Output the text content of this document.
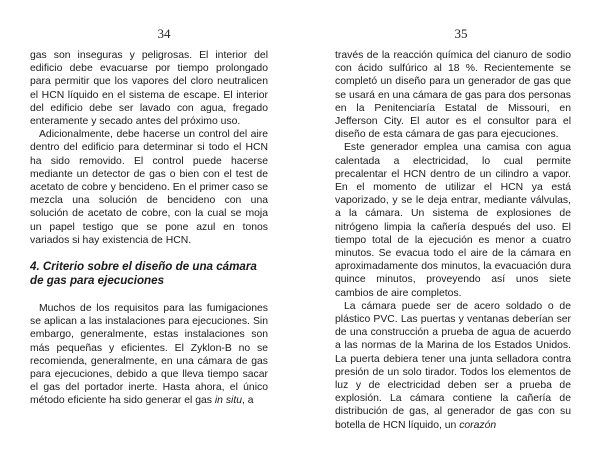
34

gas son inseguras y peligrosas. El interior del edificio debe evacuarse por tiempo prolongado para permitir que los vapores del cloro neutralicen el HCN líquido en el sistema de escape. El interior del edificio debe ser lavado con agua, fregado enteramente y secado antes del próximo uso.

Adicionalmente, debe hacerse un control del aire dentro del edificio para determinar si todo el HCN ha sido removido. El control puede hacerse mediante un detector de gas o bien con el test de acetato de cobre y bencideno. En el primer caso se mezcla una solución de bencideno con una solución de acetato de cobre, con la cual se moja un papel testigo que se pone azul en tonos variados si hay existencia de HCN.

4. Criterio sobre el diseño de una cámara de gas para ejecuciones

Muchos de los requisitos para las fumigaciones se aplican a las instalaciones para ejecuciones. Sin embargo, generalmente, estas instalaciones son más pequeñas y eficientes. El Zyklon-B no se recomienda, generalmente, en una cámara de gas para ejecuciones, debido a que lleva tiempo sacar el gas del portador inerte. Hasta ahora, el único método eficiente ha sido generar el gas in situ, a

35

través de la reacción química del cianuro de sodio con ácido sulfúrico al 18 %. Recientemente se completó un diseño para un generador de gas que se usará en una cámara de gas para dos personas en la Penitenciaría Estatal de Missouri, en Jefferson City. El autor es el consultor para el diseño de esta cámara de gas para ejecuciones.

Este generador emplea una camisa con agua calentada a electricidad, lo cual permite precalentar el HCN dentro de un cilindro a vapor. En el momento de utilizar el HCN ya está vaporizado, y se le deja entrar, mediante válvulas, a la cámara. Un sistema de explosiones de nitrógeno limpia la cañería después del uso. El tiempo total de la ejecución es menor a cuatro minutos. Se evacua todo el aire de la cámara en aproximadamente dos minutos, la evacuación dura quince minutos, proveyendo así unos siete cambios de aire completos.

La cámara puede ser de acero soldado o de plástico PVC. Las puertas y ventanas deberían ser de una construcción a prueba de agua de acuerdo a las normas de la Marina de los Estados Unidos. La puerta debiera tener una junta selladora contra presión de un solo tirador. Todos los elementos de luz y de electricidad deben ser a prueba de explosión. La cámara contiene la cañería de distribución de gas, al generador de gas con su botella de HCN líquido, un corazón
